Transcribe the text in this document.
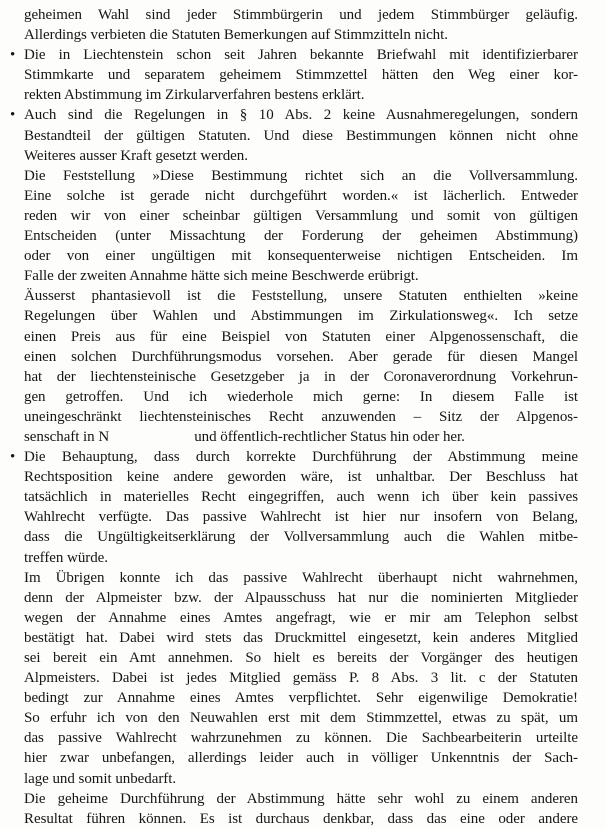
geheimen Wahl sind jeder Stimmbürgerin und jedem Stimmbürger geläufig.
Allerdings verbieten die Statuten Bemerkungen auf Stimmzitteln nicht.
• Die in Liechtenstein schon seit Jahren bekannte Briefwahl mit identifizierbarer
Stimmkarte und separatem geheimem Stimmzettel hätten den Weg einer kor-
rekten Abstimmung im Zirkularverfahren bestens erklärt.
• Auch sind die Regelungen in § 10 Abs. 2 keine Ausnahmeregelungen, sondern
Bestandteil der gültigen Statuten. Und diese Bestimmungen können nicht ohne
Weiteres ausser Kraft gesetzt werden.
Die Feststellung »Diese Bestimmung richtet sich an die Vollversammlung.
Eine solche ist gerade nicht durchgeführt worden.« ist lächerlich. Entweder
reden wir von einer scheinbar gültigen Versammlung und somit von gültigen
Entscheiden (unter Missachtung der Forderung der geheimen Abstimmung)
oder von einer ungültigen mit konsequenterweise nichtigen Entscheiden. Im
Falle der zweiten Annahme hätte sich meine Beschwerde erübrigt.
Äusserst phantasievoll ist die Feststellung, unsere Statuten enthielten »keine
Regelungen über Wahlen und Abstimmungen im Zirkulationsweg«. Ich setze
einen Preis aus für eine Beispiel von Statuten einer Alpgenossenschaft, die
einen solchen Durchführungsmodus vorsehen. Aber gerade für diesen Mangel
hat der liechtensteinische Gesetzgeber ja in der Coronaverordnung Vorkehrun-
gen getroffen. Und ich wiederhole mich gerne: In diesem Falle ist
uneingeschränkt liechtensteinisches Recht anzuwenden – Sitz der Alpgenos-
senschaft in N                       und öffentlich-rechtlicher Status hin oder her.
• Die Behauptung, dass durch korrekte Durchführung der Abstimmung meine
Rechtsposition keine andere geworden wäre, ist unhaltbar. Der Beschluss hat
tatsächlich in materielles Recht eingegriffen, auch wenn ich über kein passives
Wahlrecht verfügte. Das passive Wahlrecht ist hier nur insofern von Belang,
dass die Ungültigkeitserklärung der Vollversammlung auch die Wahlen mitbe-
treffen würde.
Im Übrigen konnte ich das passive Wahlrecht überhaupt nicht wahrnehmen,
denn der Alpmeister bzw. der Alpausschuss hat nur die nominierten Mitglieder
wegen der Annahme eines Amtes angefragt, wie er mir am Telephon selbst
bestätigt hat. Dabei wird stets das Druckmittel eingesetzt, kein anderes Mitglied
sei bereit ein Amt annehmen. So hielt es bereits der Vorgänger des heutigen
Alpmeisters. Dabei ist jedes Mitglied gemäss P. 8 Abs. 3 lit. c der Statuten
bedingt zur Annahme eines Amtes verpflichtet. Sehr eigenwilige Demokratie!
So erfuhr ich von den Neuwahlen erst mit dem Stimmzettel, etwas zu spät, um
das passive Wahlrecht wahrzunehmen zu können. Die Sachbearbeiterin urteilte
hier zwar unbefangen, allerdings leider auch in völliger Unkenntnis der Sach-
lage und somit unbedarft.
Die geheime Durchführung der Abstimmung hätte sehr wohl zu einem anderen
Resultat führen können. Es ist durchaus denkbar, dass das eine oder andere
